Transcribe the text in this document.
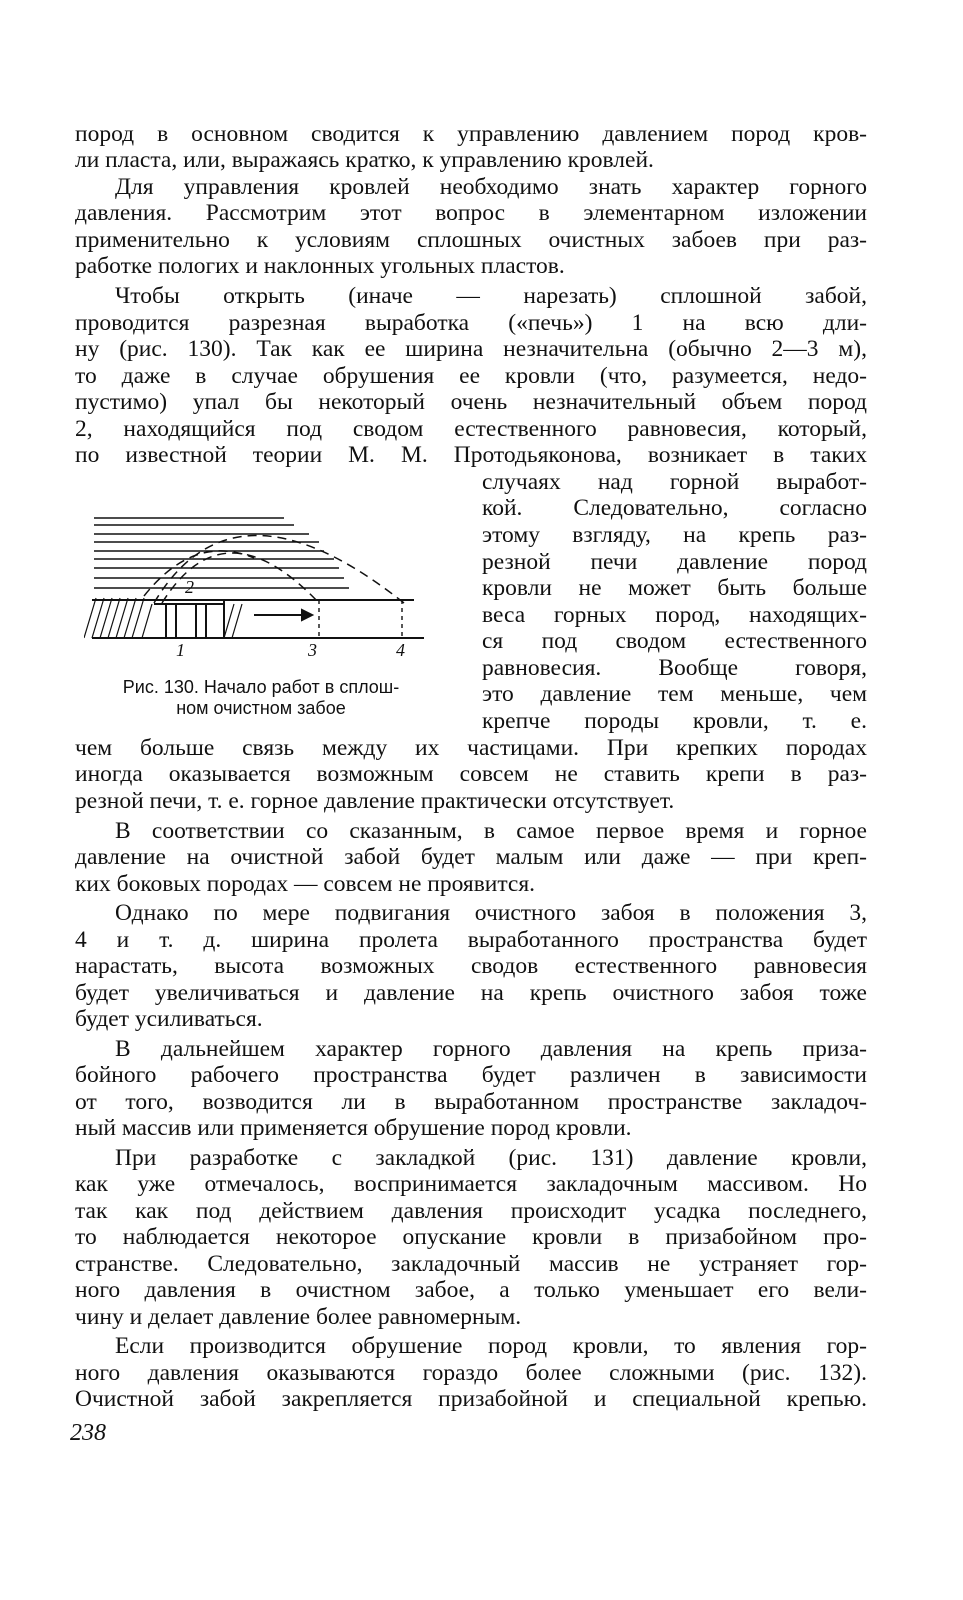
пород в основном сводится к управлению давлением пород кров-
ли пласта, или, выражаясь кратко, к управлению кровлей.
Для управления кровлей необходимо знать характер горного
давления. Рассмотрим этот вопрос в элементарном изложении
применительно к условиям сплошных очистных забоев при раз-
работке пологих и наклонных угольных пластов.
Чтобы открыть (иначе — нарезать) сплошной забой,
проводится разрезная выработка («печь») 1 на всю дли-
ну (рис. 130). Так как ее ширина незначительна (обычно 2—3 м),
то даже в случае обрушения ее кровли (что, разумеется, недо-
пустимо) упал бы некоторый очень незначительный объем пород
2, находящийся под сводом естественного равновесия, который,
по известной теории М. М. Протодьяконова, возникает в таких
случаях над горной выработ-
кой. Следовательно, согласно
этому взгляду, на крепь раз-
резной печи давление пород
кровли не может быть больше
веса горных пород, находящих-
ся под сводом естественного
равновесия. Вообще говоря,
это давление тем меньше, чем
крепче породы кровли, т. е.
2
1	3	4
Рис. 130. Начало работ в сплош-
ном очистном забое
чем больше связь между их частицами. При крепких породах
иногда оказывается возможным совсем не ставить крепи в раз-
резной печи, т. е. горное давление практически отсутствует.
В соответствии со сказанным, в самое первое время и горное
давление на очистной забой будет малым или даже — при креп-
ких боковых породах — совсем не проявится.
Однако по мере подвигания очистного забоя в положения 3,
4 и т. д. ширина пролета выработанного пространства будет
нарастать, высота возможных сводов естественного равновесия
будет увеличиваться и давление на крепь очистного забоя тоже
будет усиливаться.
В дальнейшем характер горного давления на крепь приза-
бойного рабочего пространства будет различен в зависимости
от того, возводится ли в выработанном пространстве закладоч-
ный массив или применяется обрушение пород кровли.
При разработке с закладкой (рис. 131) давление кровли,
как уже отмечалось, воспринимается закладочным массивом. Но
так как под действием давления происходит усадка последнего,
то наблюдается некоторое опускание кровли в призабойном про-
странстве. Следовательно, закладочный массив не устраняет гор-
ного давления в очистном забое, а только уменьшает его вели-
чину и делает давление более равномерным.
Если производится обрушение пород кровли, то явления гор-
ного давления оказываются гораздо более сложными (рис. 132).
Очистной забой закрепляется призабойной и специальной крепью.
238
